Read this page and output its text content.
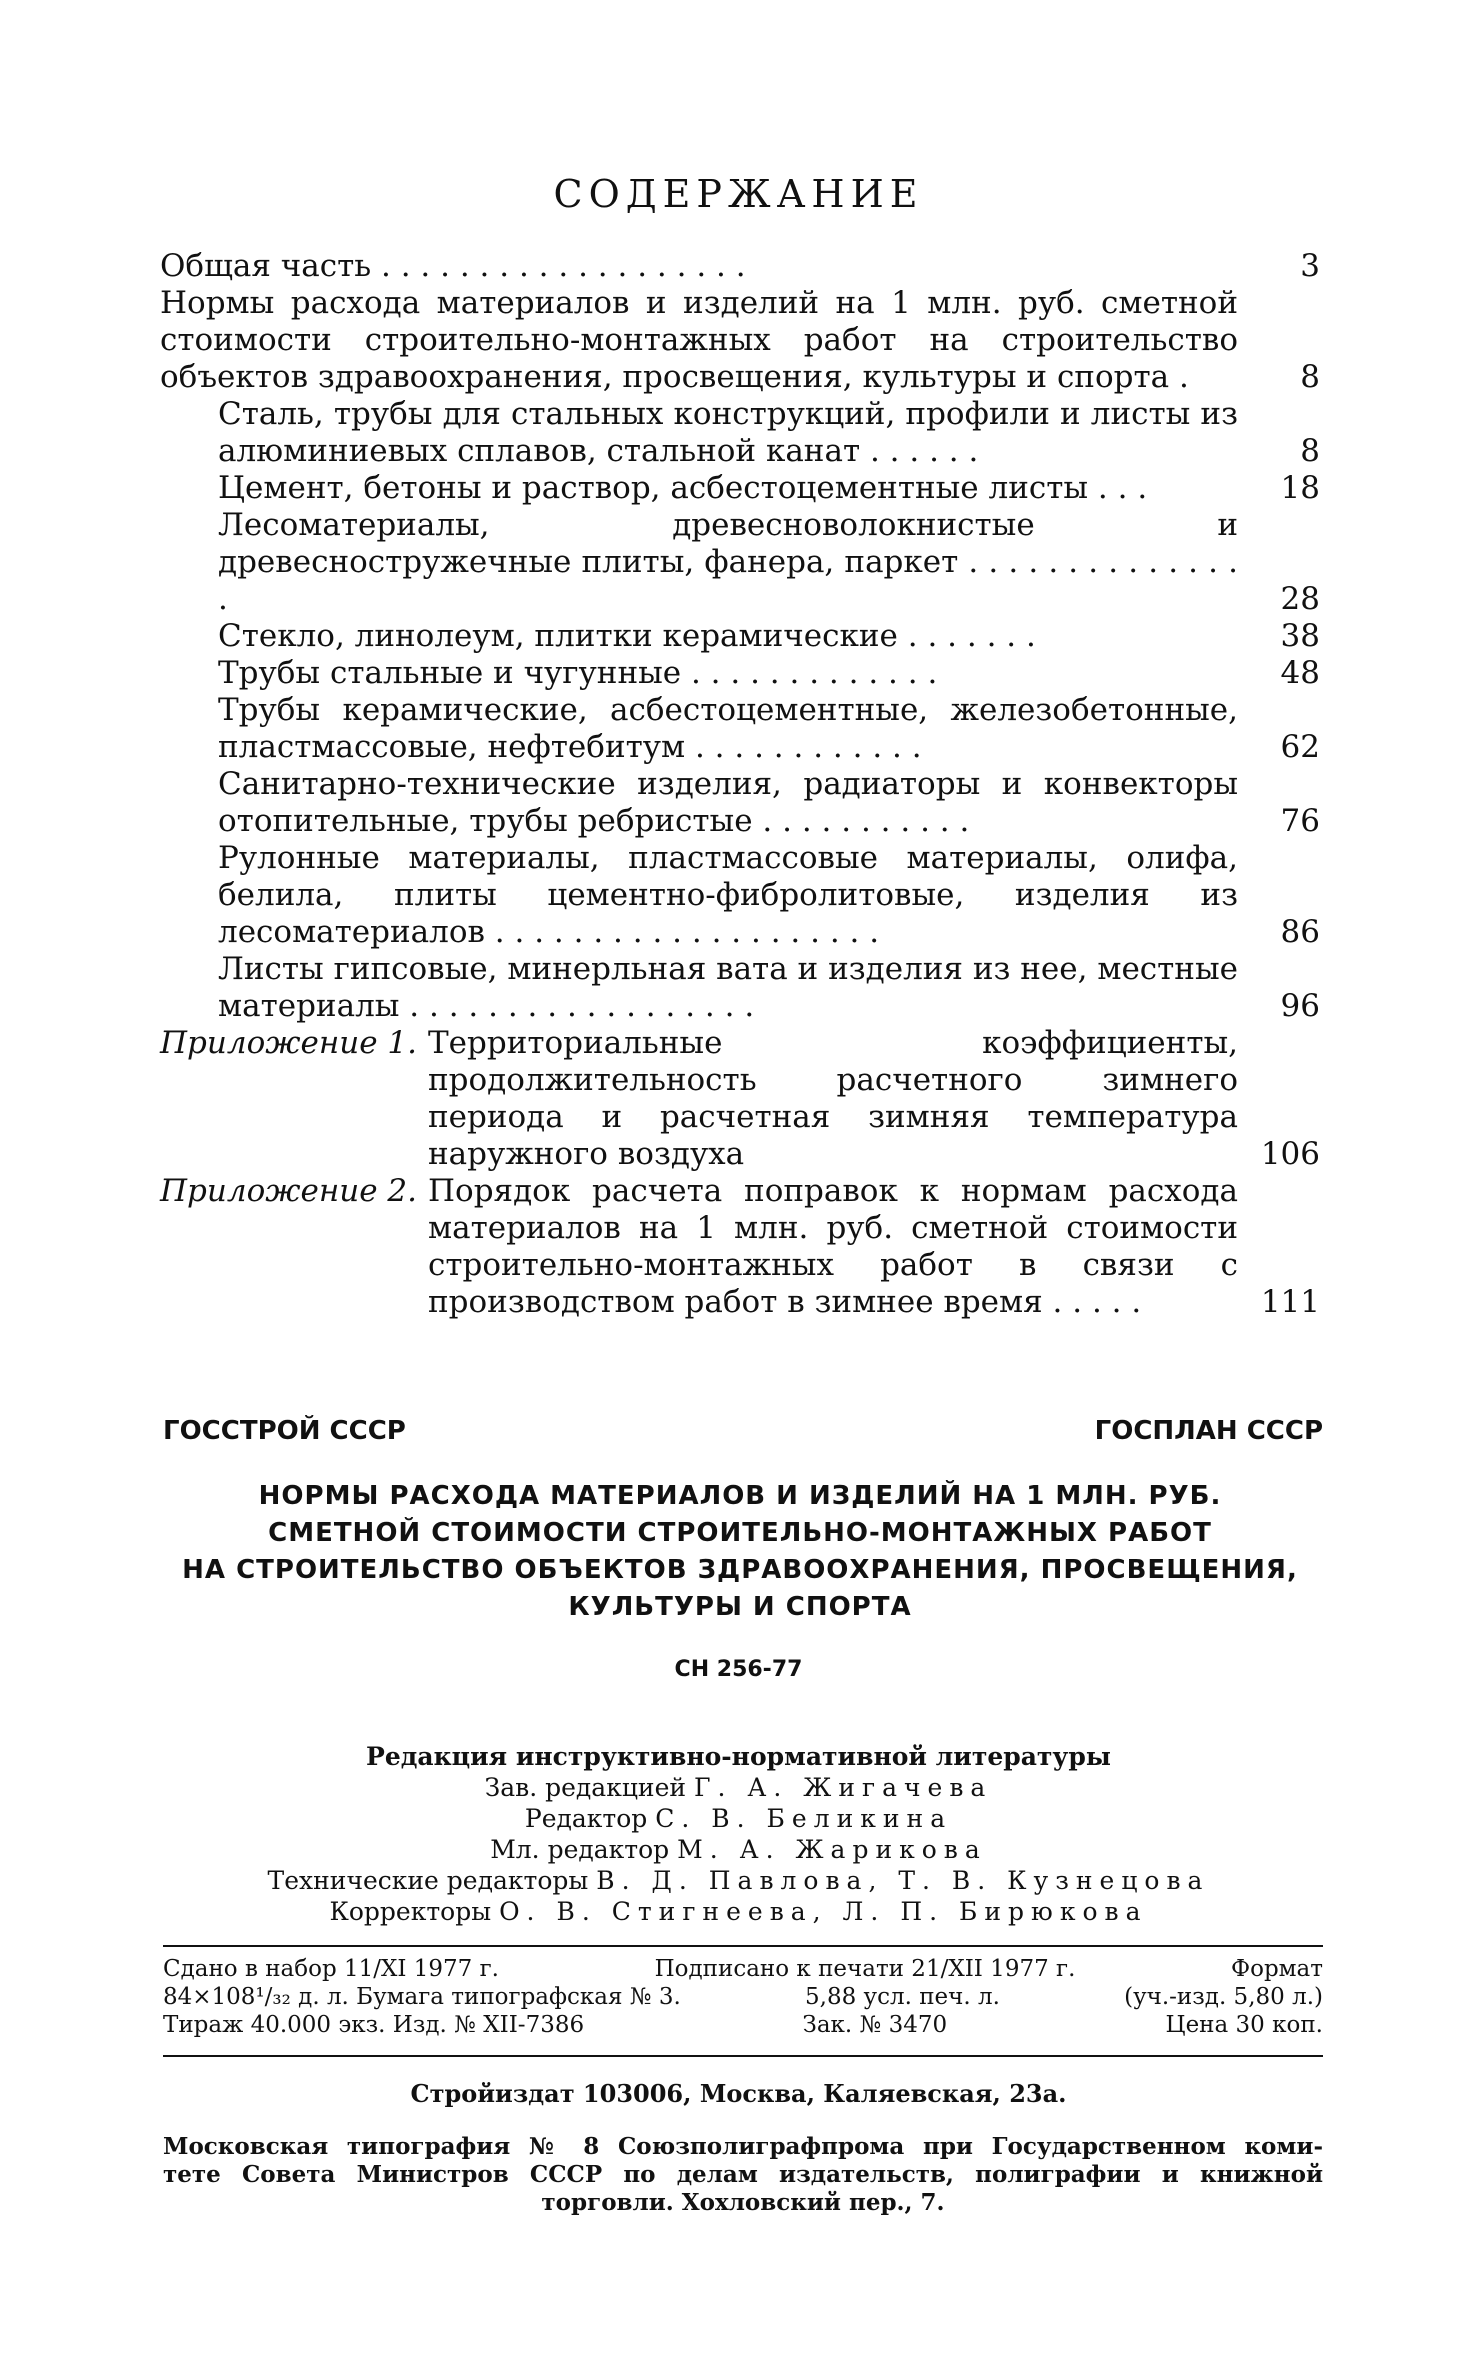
СОДЕРЖАНИЕ
Общая часть . . . . . . . . . . . . . . . . . . .	3
Нормы расхода материалов и изделий на 1 млн. руб. сметной стоимости строительно-монтажных работ на строительство объектов здравоохранения, просвещения, культуры и спорта .	8
Сталь, трубы для стальных конструкций, профили и листы из алюминиевых сплавов, стальной канат . . . . . .	8
Цемент, бетоны и раствор, асбестоцементные листы . . .	18
Лесоматериалы, древесноволокнистые и древесностружечные плиты, фанера, паркет . . . . . . . . . . . . . . .	28
Стекло, линолеум, плитки керамические . . . . . . .	38
Трубы стальные и чугунные . . . . . . . . . . . . .	48
Трубы керамические, асбестоцементные, железобетонные, пластмассовые, нефтебитум . . . . . . . . . . . .	62
Санитарно-технические изделия, радиаторы и конвекторы отопительные, трубы ребристые . . . . . . . . . . .	76
Рулонные материалы, пластмассовые материалы, олифа, белила, плиты цементно-фибролитовые, изделия из лесоматериалов . . . . . . . . . . . . . . . . . . . .	86
Листы гипсовые, минерльная вата и изделия из нее, местные материалы . . . . . . . . . . . . . . . . . .	96
Приложение 1. Территориальные коэффициенты, продолжительность расчетного зимнего периода и расчетная зимняя температура наружного воздуха	106
Приложение 2. Порядок расчета поправок к нормам расхода материалов на 1 млн. руб. сметной стоимости строительно-монтажных работ в связи с производством работ в зимнее время . . . . .	111
ГОССТРОЙ СССР	ГОСПЛАН СССР
НОРМЫ РАСХОДА МАТЕРИАЛОВ И ИЗДЕЛИЙ НА 1 МЛН. РУБ.
СМЕТНОЙ СТОИМОСТИ СТРОИТЕЛЬНО-МОНТАЖНЫХ РАБОТ
НА СТРОИТЕЛЬСТВО ОБЪЕКТОВ ЗДРАВООХРАНЕНИЯ, ПРОСВЕЩЕНИЯ,
КУЛЬТУРЫ И СПОРТА
СН 256-77
Редакция инструктивно-нормативной литературы
Зав. редакцией Г. А. Жигачева
Редактор С. В. Беликина
Мл. редактор М. А. Жарикова
Технические редакторы В. Д. Павлова, Т. В. Кузнецова
Корректоры О. В. Стигнеева, Л. П. Бирюкова
Сдано в набор 11/XI 1977 г.	Подписано к печати 21/XII 1977 г.	Формат
84×108¹/₃₂ д. л. Бумага типографская № 3.	5,88 усл. печ. л.	(уч.-изд. 5,80 л.)
Тираж 40.000 экз. Изд. № XII-7386	Зак. № 3470	Цена 30 коп.
Стройиздат 103006, Москва, Каляевская, 23а.
Московская типография № 8 Союзполиграфпрома при Государственном коми-
тете Совета Министров СССР по делам издательств, полиграфии и книжной
торговли. Хохловский пер., 7.
